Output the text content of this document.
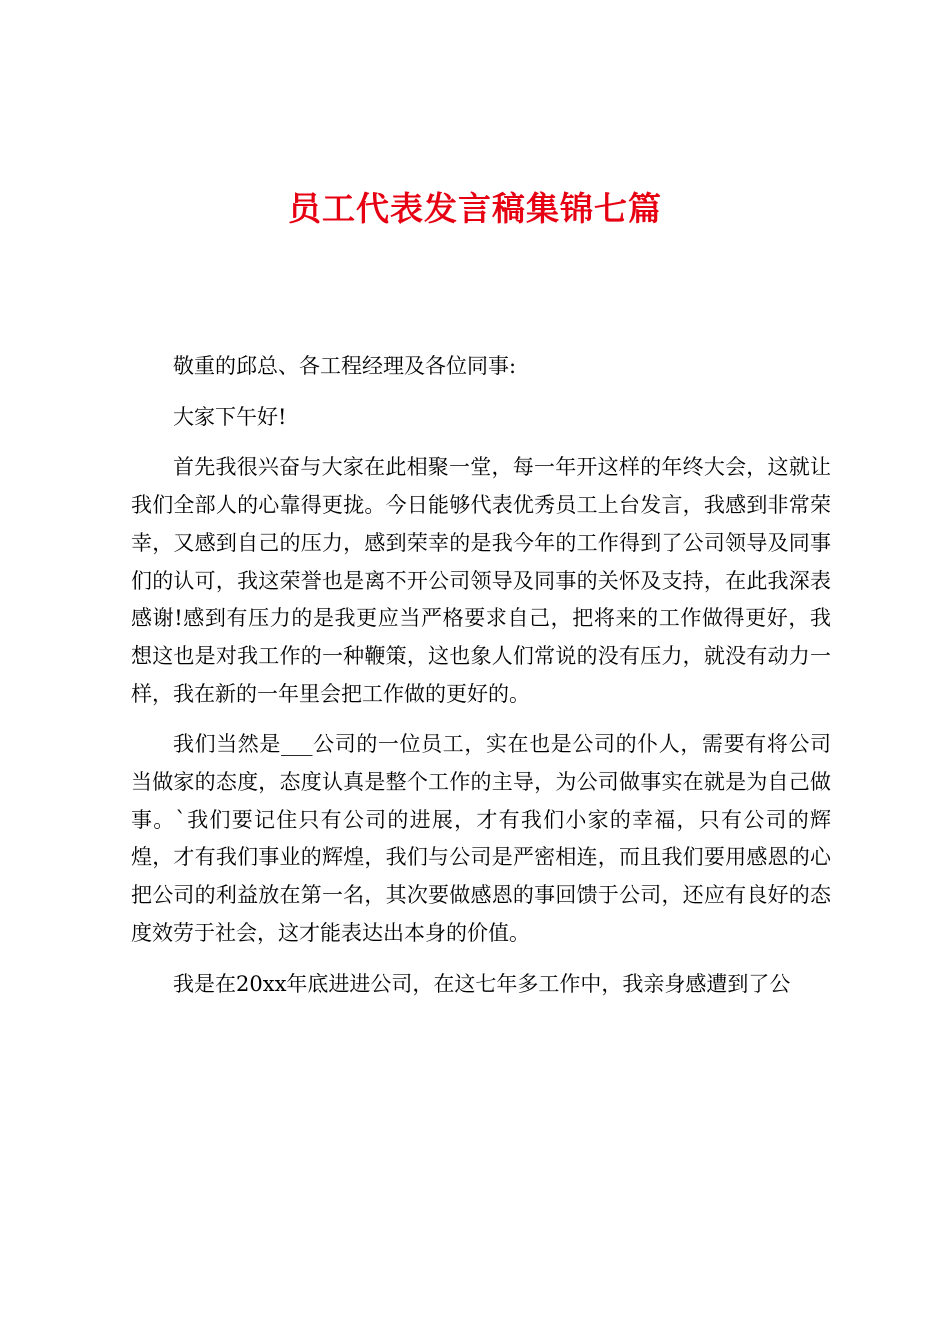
员工代表发言稿集锦七篇

敬重的邱总、各工程经理及各位同事:

大家下午好!

首先我很兴奋与大家在此相聚一堂，每一年开这样的年终大会，这就让我们全部人的心靠得更拢。今日能够代表优秀员工上台发言，我感到非常荣幸，又感到自己的压力，感到荣幸的是我今年的工作得到了公司领导及同事们的认可，我这荣誉也是离不开公司领导及同事的关怀及支持，在此我深表感谢!感到有压力的是我更应当严格要求自己，把将来的工作做得更好，我想这也是对我工作的一种鞭策，这也象人们常说的没有压力，就没有动力一样，我在新的一年里会把工作做的更好的。

我们当然是___公司的一位员工，实在也是公司的仆人，需要有将公司当做家的态度，态度认真是整个工作的主导，为公司做事实在就是为自己做事。`我们要记住只有公司的进展，才有我们小家的幸福，只有公司的辉煌，才有我们事业的辉煌，我们与公司是严密相连，而且我们要用感恩的心把公司的利益放在第一名，其次要做感恩的事回馈于公司，还应有良好的态度效劳于社会，这才能表达出本身的价值。

我是在20xx年底进进公司，在这七年多工作中，我亲身感遭到了公
